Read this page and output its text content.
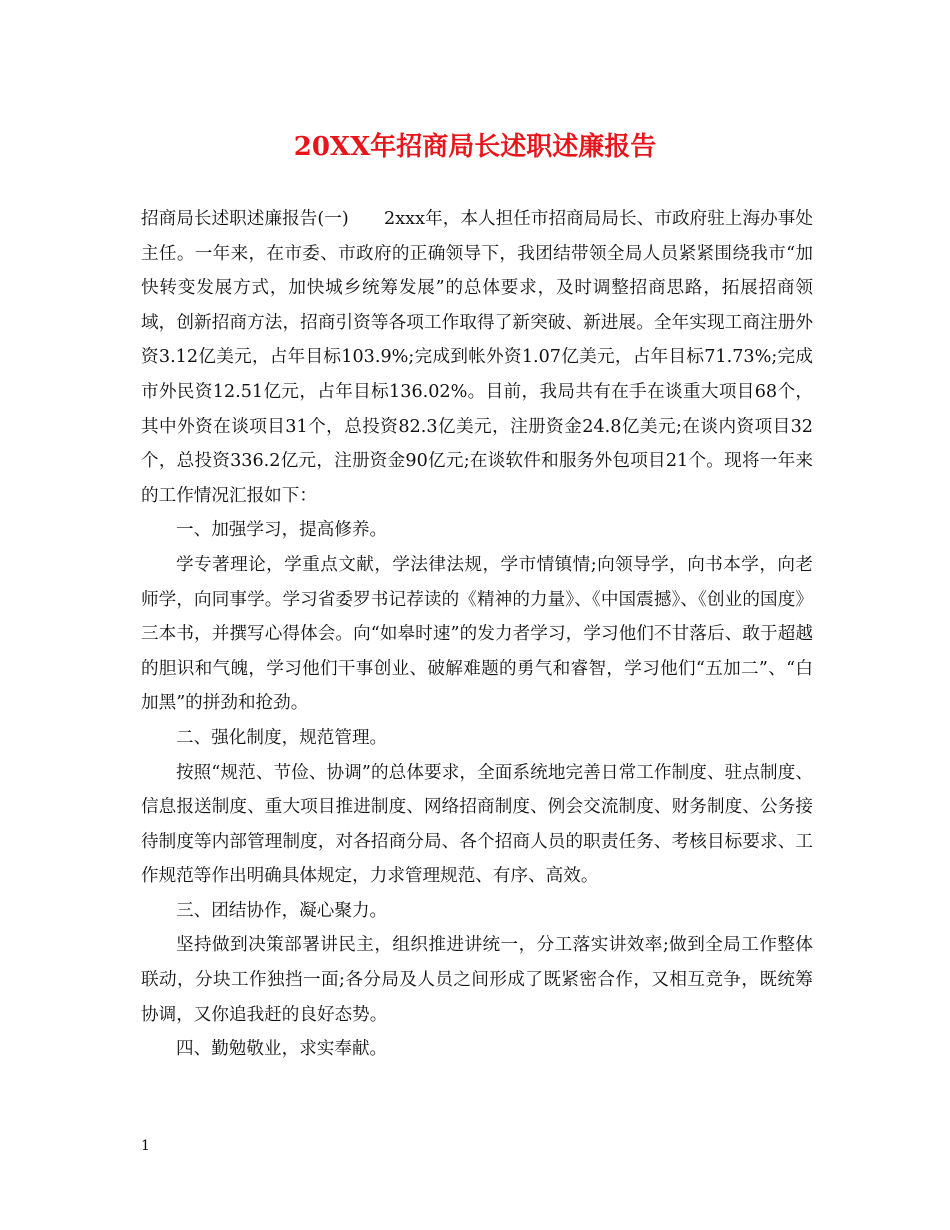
20XX年招商局长述职述廉报告

招商局长述职述廉报告(一)　　2xxx年，本人担任市招商局局长、市政府驻上海办事处主任。一年来，在市委、市政府的正确领导下，我团结带领全局人员紧紧围绕我市“加快转变发展方式，加快城乡统筹发展”的总体要求，及时调整招商思路，拓展招商领域，创新招商方法，招商引资等各项工作取得了新突破、新进展。全年实现工商注册外资3.12亿美元，占年目标103.9%;完成到帐外资1.07亿美元，占年目标71.73%;完成市外民资12.51亿元，占年目标136.02%。目前，我局共有在手在谈重大项目68个，其中外资在谈项目31个，总投资82.3亿美元，注册资金24.8亿美元;在谈内资项目32个，总投资336.2亿元，注册资金90亿元;在谈软件和服务外包项目21个。现将一年来的工作情况汇报如下：

一、加强学习，提高修养。

学专著理论，学重点文献，学法律法规，学市情镇情;向领导学，向书本学，向老师学，向同事学。学习省委罗书记荐读的《精神的力量》、《中国震撼》、《创业的国度》三本书，并撰写心得体会。向“如皋时速”的发力者学习，学习他们不甘落后、敢于超越的胆识和气魄，学习他们干事创业、破解难题的勇气和睿智，学习他们“五加二”、“白加黑”的拼劲和抢劲。

二、强化制度，规范管理。

按照“规范、节俭、协调”的总体要求，全面系统地完善日常工作制度、驻点制度、信息报送制度、重大项目推进制度、网络招商制度、例会交流制度、财务制度、公务接待制度等内部管理制度，对各招商分局、各个招商人员的职责任务、考核目标要求、工作规范等作出明确具体规定，力求管理规范、有序、高效。

三、团结协作，凝心聚力。

坚持做到决策部署讲民主，组织推进讲统一，分工落实讲效率;做到全局工作整体联动，分块工作独挡一面;各分局及人员之间形成了既紧密合作，又相互竞争，既统筹协调，又你追我赶的良好态势。

四、勤勉敬业，求实奉献。

1
